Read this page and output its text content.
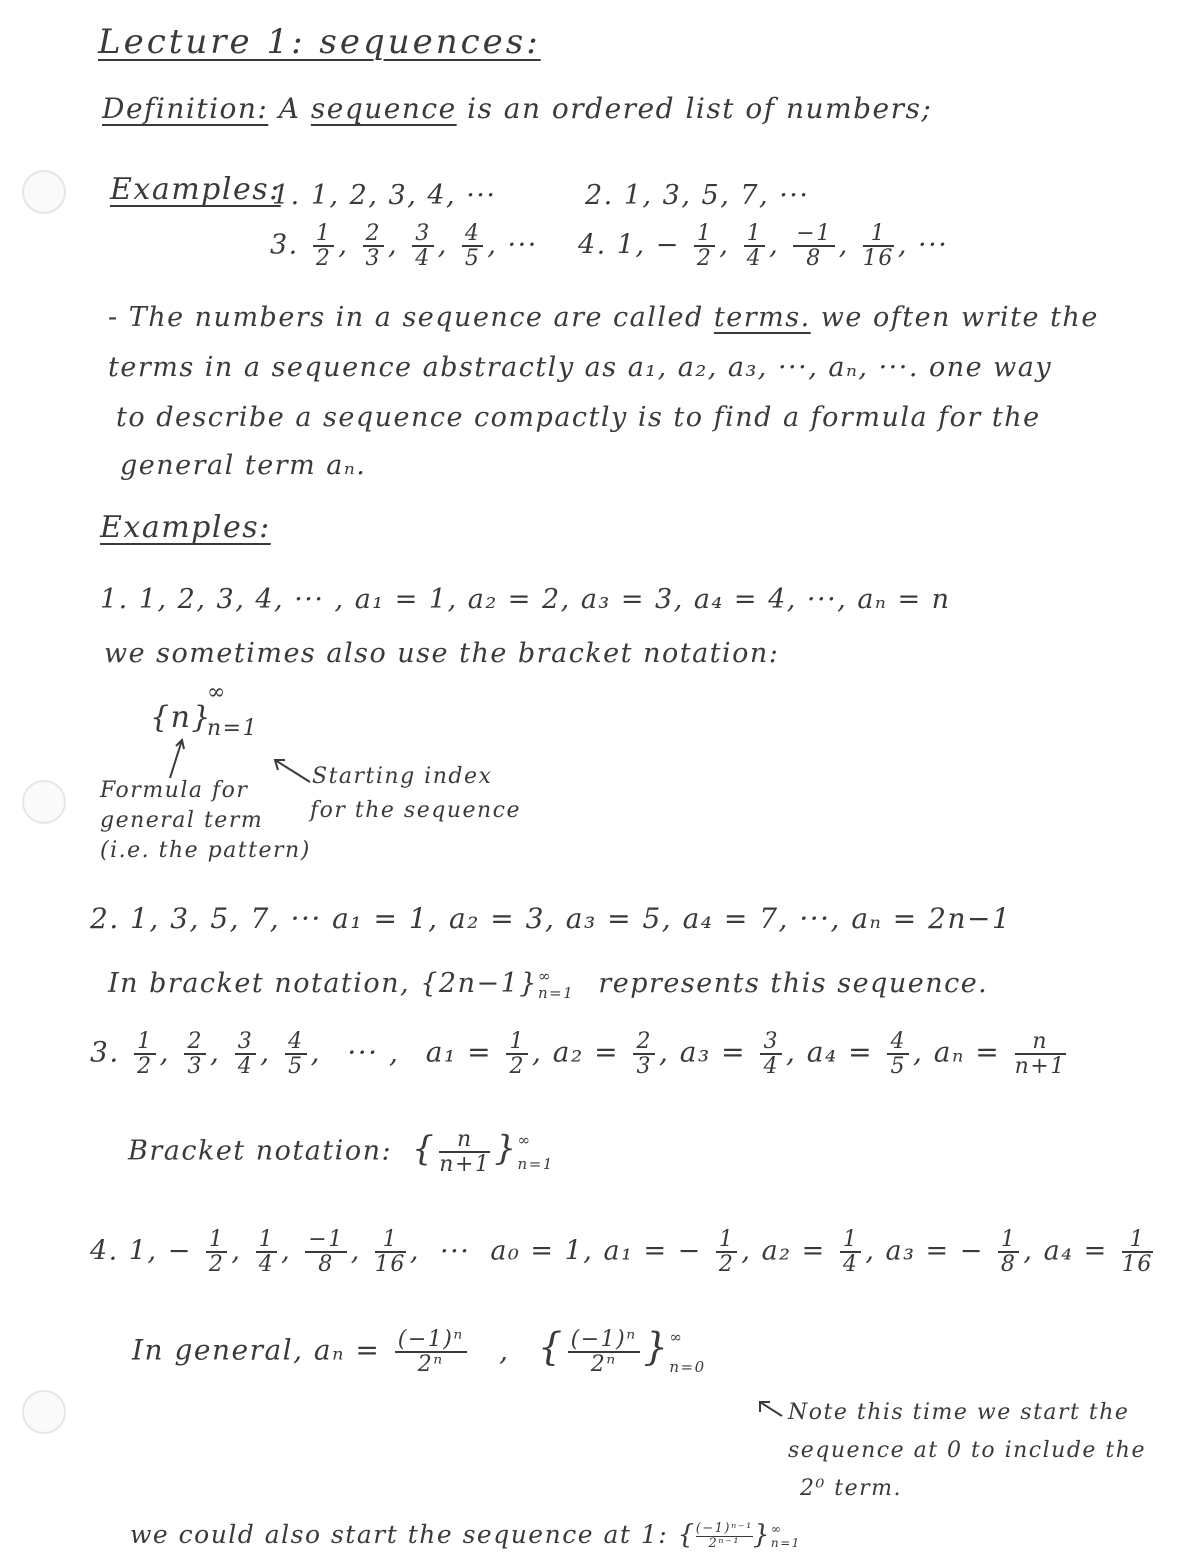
Lecture 1: sequences:
Definition: A sequence is an ordered list of numbers;
Examples:
1. 1, 2, 3, 4, ···	2. 1, 3, 5, 7, ···
3. $\frac{1}{2}$ , $\frac{2}{3}$ , $\frac{3}{4}$ , $\frac{4}{5}$ , ··· 4. 1, − $\frac{1}{2}$ , $\frac{1}{4}$ , $\frac{-1}{8}$ , $\frac{1}{16}$ , ···
- The numbers in a sequence are called terms. we often write the
terms in a sequence abstractly as a₁, a₂, a₃, ···, aₙ, ···. one way
to describe a sequence compactly is to find a formula for the
general term aₙ.
Examples:
1. 1, 2, 3, 4, ··· , a₁ = 1, a₂ = 2, a₃ = 3, a₄ = 4, ···, aₙ = n
we sometimes also use the bracket notation:
{n}
∞
n=1
Formula for
general term
(i.e. the pattern)
Starting index
for the sequence
2. 1, 3, 5, 7, ··· a₁ = 1, a₂ = 3, a₃ = 5, a₄ = 7, ···, aₙ = 2n−1
In bracket notation, {2n−1} ∞
n=1 represents this sequence.
3. $\frac{1}{2}$ , $\frac{2}{3}$ , $\frac{3}{4}$ , $\frac{4}{5}$ , ··· , $a_1 = \frac{1}{2}$ , $a_2 = \frac{2}{3}$ , $a_3 = \frac{3}{4}$ , $a_4 = \frac{4}{5}$ , $a_n = \frac{n}{n+1}$
Bracket notation: { $\frac{n}{n+1}$ } ∞
n=1
4. 1, − $\frac{1}{2}$ , $\frac{1}{4}$ , $\frac{-1}{8}$ , $\frac{1}{16}$ , ··· a₀ = 1, a₁ = − $\frac{1}{2}$ , $a_2 = \frac{1}{4}$ , a₃ = − $\frac{1}{8}$ , $a_4 = \frac{1}{16}$
In general, $a_n = \frac{\text{(−1)ⁿ}}{\text{2ⁿ}}$ , { $\frac{\text{(−1)ⁿ}}{\text{2ⁿ}}$ } ∞
n=0
Note this time we start the
sequence at 0 to include the
2⁰ term.
we could also start the sequence at 1: { $\frac{\text{(−1)ⁿ⁻¹}}{\text{2ⁿ⁻¹}}$ } ∞
n=1
